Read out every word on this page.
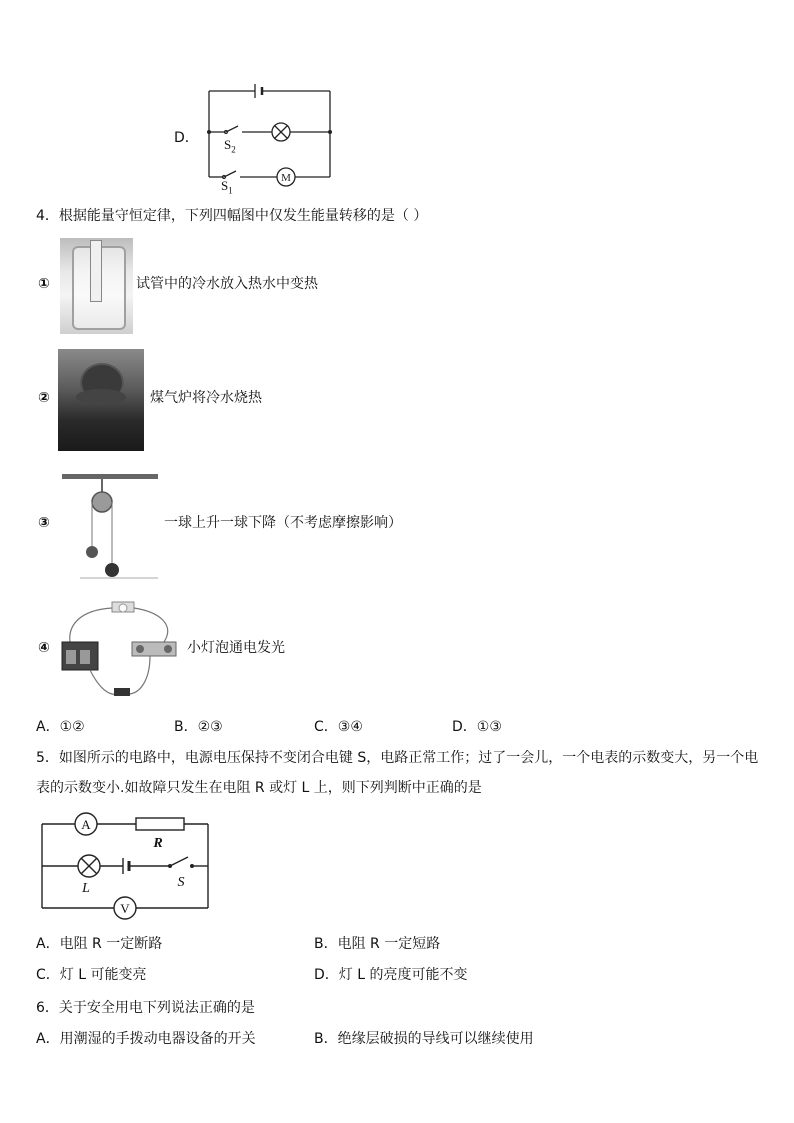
D．
M
$S_2$
$S_1$
4．根据能量守恒定律，下列四幅图中仅发生能量转移的是（ ）
①	试管中的冷水放入热水中变热
②	煤气炉将冷水烧热
③	一球上升一球下降（不考虑摩擦影响）
④	小灯泡通电发光
A．①②	B．②③	C．③④	D．①③
5．如图所示的电路中，电源电压保持不变闭合电键 S，电路正常工作；过了一会儿，一个电表的示数变大，另一个电
表的示数变小.如故障只发生在电阻 R 或灯 L 上，则下列判断中正确的是
A
R
L	S
V
A．电阻 R 一定断路	B．电阻 R 一定短路
C．灯 L 可能变亮	D．灯 L 的亮度可能不变
6．关于安全用电下列说法正确的是
A．用潮湿的手拨动电器设备的开关	B．绝缘层破损的导线可以继续使用
